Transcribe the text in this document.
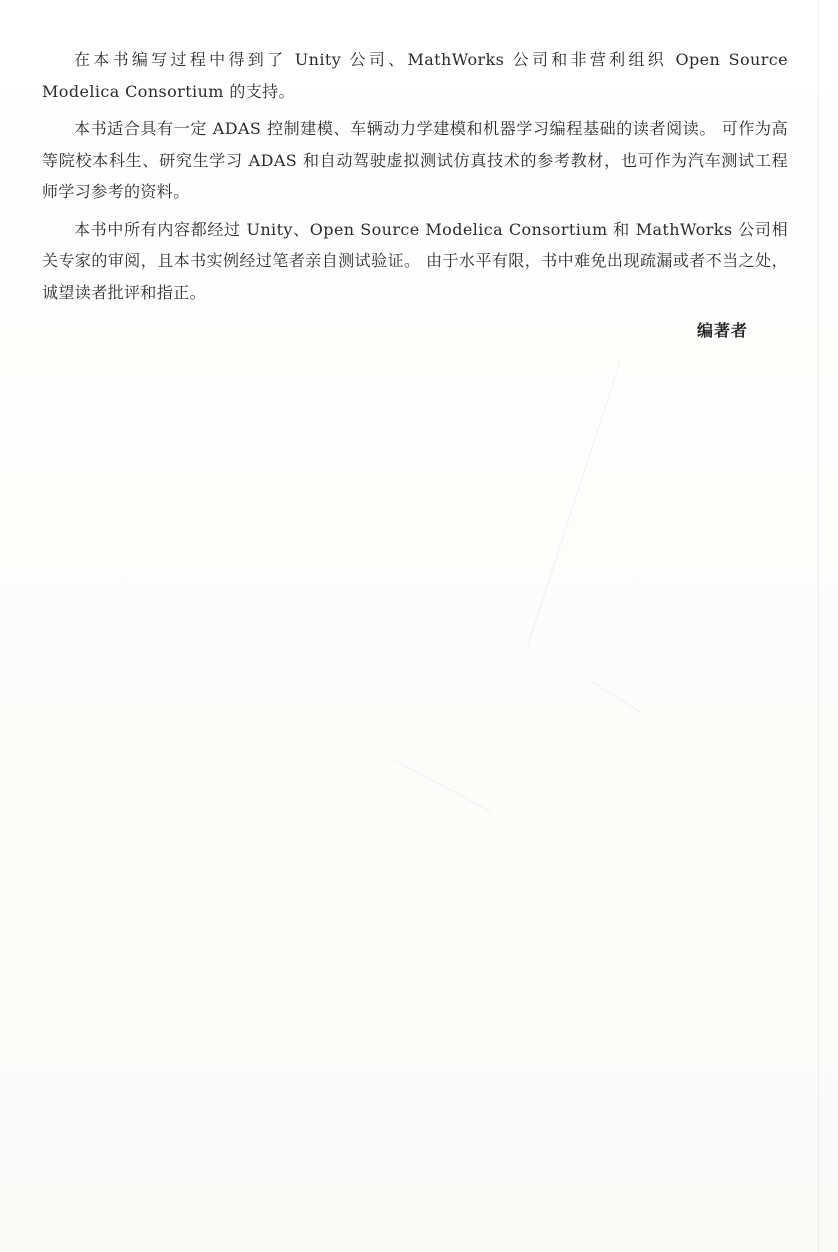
在本书编写过程中得到了 Unity 公司、MathWorks 公司和非营利组织 Open Source Modelica Consortium 的支持。

本书适合具有一定 ADAS 控制建模、车辆动力学建模和机器学习编程基础的读者阅读。 可作为高等院校本科生、研究生学习 ADAS 和自动驾驶虚拟测试仿真技术的参考教材，也可作为汽车测试工程师学习参考的资料。

本书中所有内容都经过 Unity、Open Source Modelica Consortium 和 MathWorks 公司相关专家的审阅，且本书实例经过笔者亲自测试验证。 由于水平有限，书中难免出现疏漏或者不当之处，诚望读者批评和指正。

编著者
